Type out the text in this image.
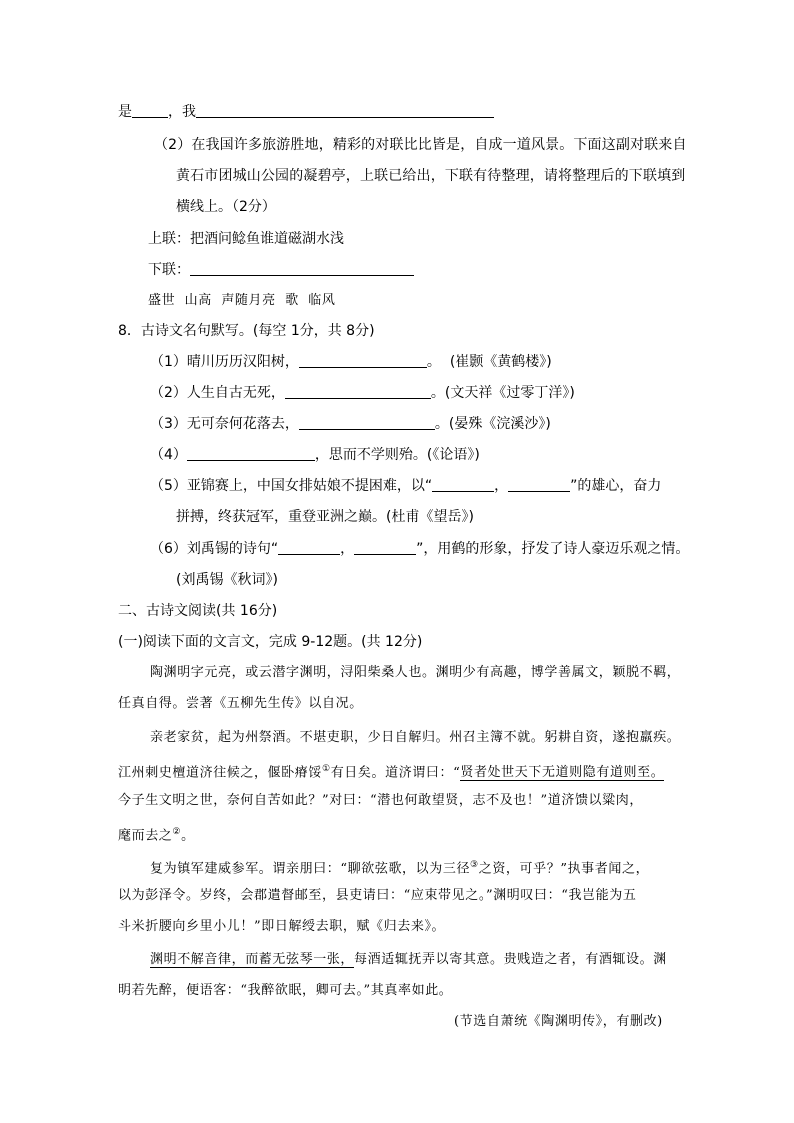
是	，我
（2）在我国许多旅游胜地，精彩的对联比比皆是，自成一道风景。下面这副对联来自
黄石市团城山公园的凝碧亭，上联已给出，下联有待整理，请将整理后的下联填到
横线上。（2分）
上联：把酒问鲶鱼谁道磁湖水浅
下联：
盛世  山高  声随月亮  歌  临风
8．古诗文名句默写。(每空 1分，共 8分)
（1）晴川历历汉阳树，	。  (崔颢《黄鹤楼》)
（2）人生自古无死，	。(文天祥《过零丁洋》)
（3）无可奈何花落去，	。(晏殊《浣溪沙》)
（4）	，思而不学则殆。(《论语》)
（5）亚锦赛上，中国女排姑娘不提困难，以“	，	”的雄心，奋力
拼搏，终获冠军，重登亚洲之巅。(杜甫《望岳》)
（6）刘禹锡的诗句“	，	”，用鹤的形象，抒发了诗人豪迈乐观之情。
(刘禹锡《秋词》)
二、古诗文阅读(共 16分)
(一)阅读下面的文言文，完成 9-12题。(共 12分)
陶渊明字元亮，或云潜字渊明，浔阳柴桑人也。渊明少有高趣，博学善属文，颖脱不羁，
任真自得。尝著《五柳先生传》以自况。
亲老家贫，起为州祭酒。不堪吏职，少日自解归。州召主簿不就。躬耕自资，遂抱羸疾。
江州刺史檀道济往候之，偃卧瘠馁①有日矣。道济谓曰：“贤者处世天下无道则隐有道则至。
今子生文明之世，奈何自苦如此？”对曰：“潜也何敢望贤，志不及也！”道济馈以粱肉，
麾而去之②。
复为镇军建威参军。谓亲朋曰：“聊欲弦歌，以为三径③之资，可乎？”执事者闻之，
以为彭泽令。岁终，会郡遣督邮至，县吏请曰：“应束带见之。”渊明叹曰：“我岂能为五
斗米折腰向乡里小儿！”即日解绶去职，赋《归去来》。
渊明不解音律，而蓄无弦琴一张，每酒适辄抚弄以寄其意。贵贱造之者，有酒辄设。渊
明若先醉，便语客：“我醉欲眠，卿可去。”其真率如此。
(节选自萧统《陶渊明传》，有删改)
